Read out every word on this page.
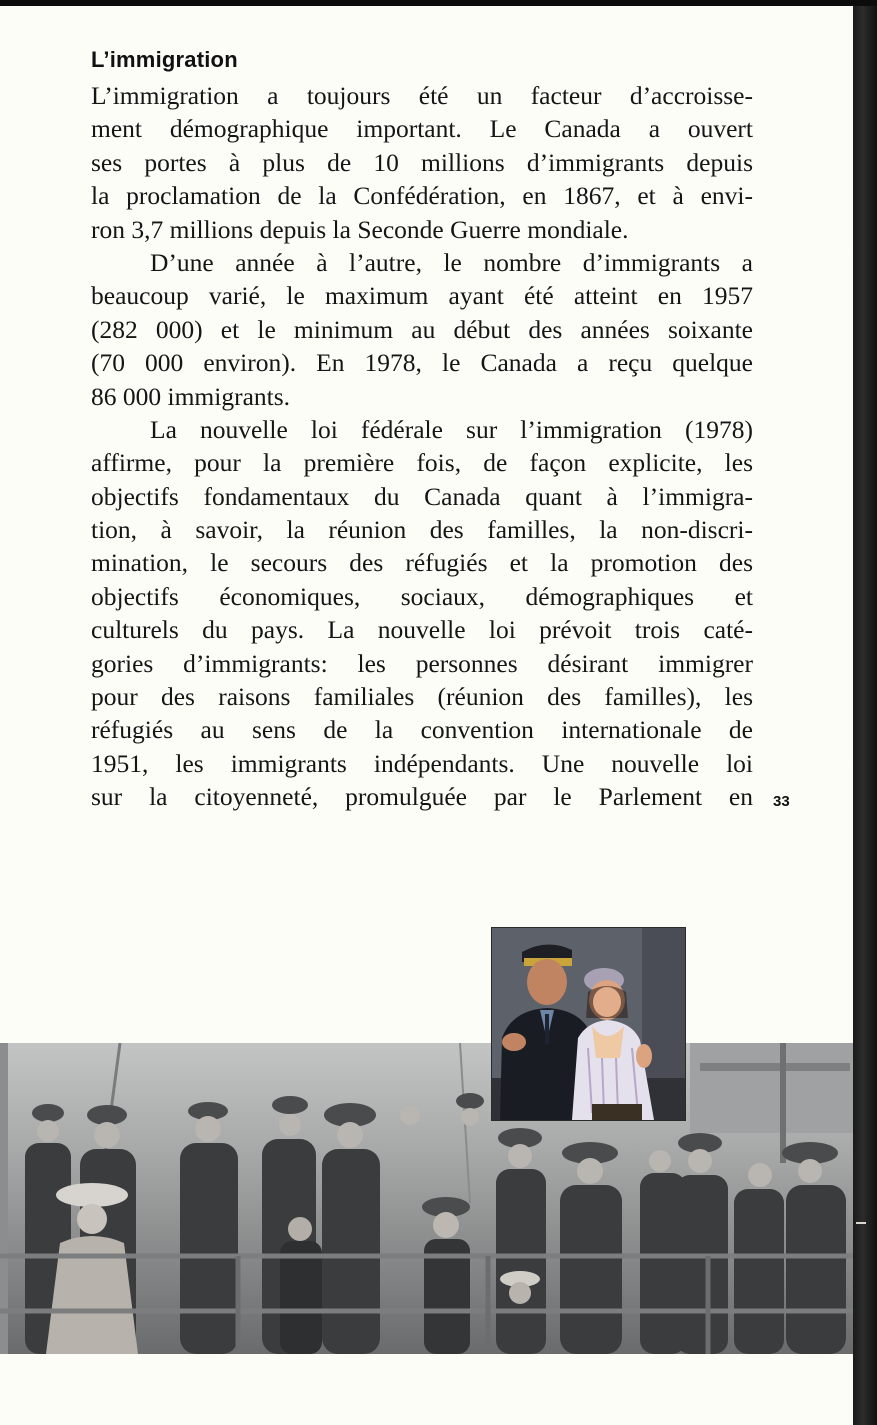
L’immigration
L’immigration a toujours été un facteur d’accroisse-
ment démographique important. Le Canada a ouvert
ses portes à plus de 10 millions d’immigrants depuis
la proclamation de la Confédération, en 1867, et à envi-
ron 3,7 millions depuis la Seconde Guerre mondiale.
D’une année à l’autre, le nombre d’immigrants a
beaucoup varié, le maximum ayant été atteint en 1957
(282 000) et le minimum au début des années soixante
(70 000 environ). En 1978, le Canada a reçu quelque
86 000 immigrants.
La nouvelle loi fédérale sur l’immigration (1978)
affirme, pour la première fois, de façon explicite, les
objectifs fondamentaux du Canada quant à l’immigra-
tion, à savoir, la réunion des familles, la non-discri-
mination, le secours des réfugiés et la promotion des
objectifs économiques, sociaux, démographiques et
culturels du pays. La nouvelle loi prévoit trois caté-
gories d’immigrants: les personnes désirant immigrer
pour des raisons familiales (réunion des familles), les
réfugiés au sens de la convention internationale de
1951, les immigrants indépendants. Une nouvelle loi
sur la citoyenneté, promulguée par le Parlement en 33
